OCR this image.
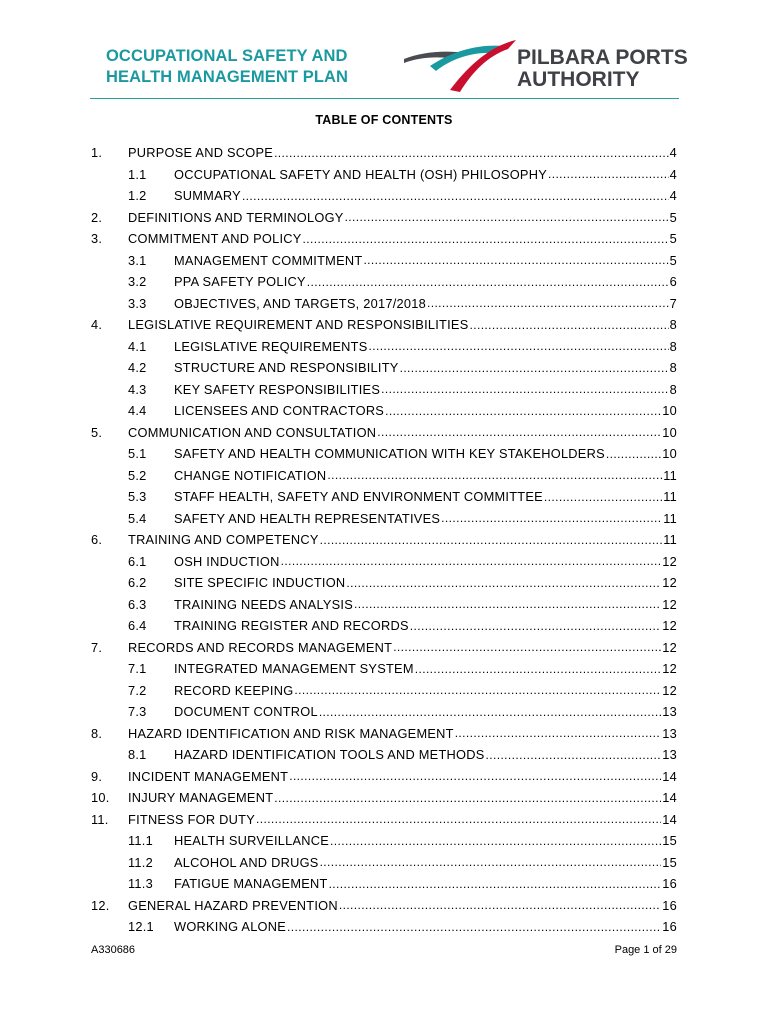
OCCUPATIONAL SAFETY AND
HEALTH MANAGEMENT PLAN
PILBARA PORTS
AUTHORITY
TABLE OF CONTENTS
1.	PURPOSE AND SCOPE .....	4
1.1	OCCUPATIONAL SAFETY AND HEALTH (OSH) PHILOSOPHY .....	4
1.2	SUMMARY .....	4
2.	DEFINITIONS AND TERMINOLOGY .....	5
3.	COMMITMENT AND POLICY .....	5
3.1	MANAGEMENT COMMITMENT .....	5
3.2	PPA SAFETY POLICY .....	6
3.3	OBJECTIVES, AND TARGETS, 2017/2018 .....	7
4.	LEGISLATIVE REQUIREMENT AND RESPONSIBILITIES .....	8
4.1	LEGISLATIVE REQUIREMENTS .....	8
4.2	STRUCTURE AND RESPONSIBILITY .....	8
4.3	KEY SAFETY RESPONSIBILITIES .....	8
4.4	LICENSEES AND CONTRACTORS .....	10
5.	COMMUNICATION AND CONSULTATION .....	10
5.1	SAFETY AND HEALTH COMMUNICATION WITH KEY STAKEHOLDERS .....	10
5.2	CHANGE NOTIFICATION .....	11
5.3	STAFF HEALTH, SAFETY AND ENVIRONMENT COMMITTEE .....	11
5.4	SAFETY AND HEALTH REPRESENTATIVES .....	11
6.	TRAINING AND COMPETENCY .....	11
6.1	OSH INDUCTION .....	12
6.2	SITE SPECIFIC INDUCTION .....	12
6.3	TRAINING NEEDS ANALYSIS .....	12
6.4	TRAINING REGISTER AND RECORDS .....	12
7.	RECORDS AND RECORDS MANAGEMENT .....	12
7.1	INTEGRATED MANAGEMENT SYSTEM .....	12
7.2	RECORD KEEPING .....	12
7.3	DOCUMENT CONTROL .....	13
8.	HAZARD IDENTIFICATION AND RISK MANAGEMENT .....	13
8.1	HAZARD IDENTIFICATION TOOLS AND METHODS .....	13
9.	INCIDENT MANAGEMENT .....	14
10.	INJURY MANAGEMENT .....	14
11.	FITNESS FOR DUTY .....	14
11.1	HEALTH SURVEILLANCE .....	15
11.2	ALCOHOL AND DRUGS .....	15
11.3	FATIGUE MANAGEMENT .....	16
12.	GENERAL HAZARD PREVENTION .....	16
12.1	WORKING ALONE .....	16
A330686	Page 1 of 29
